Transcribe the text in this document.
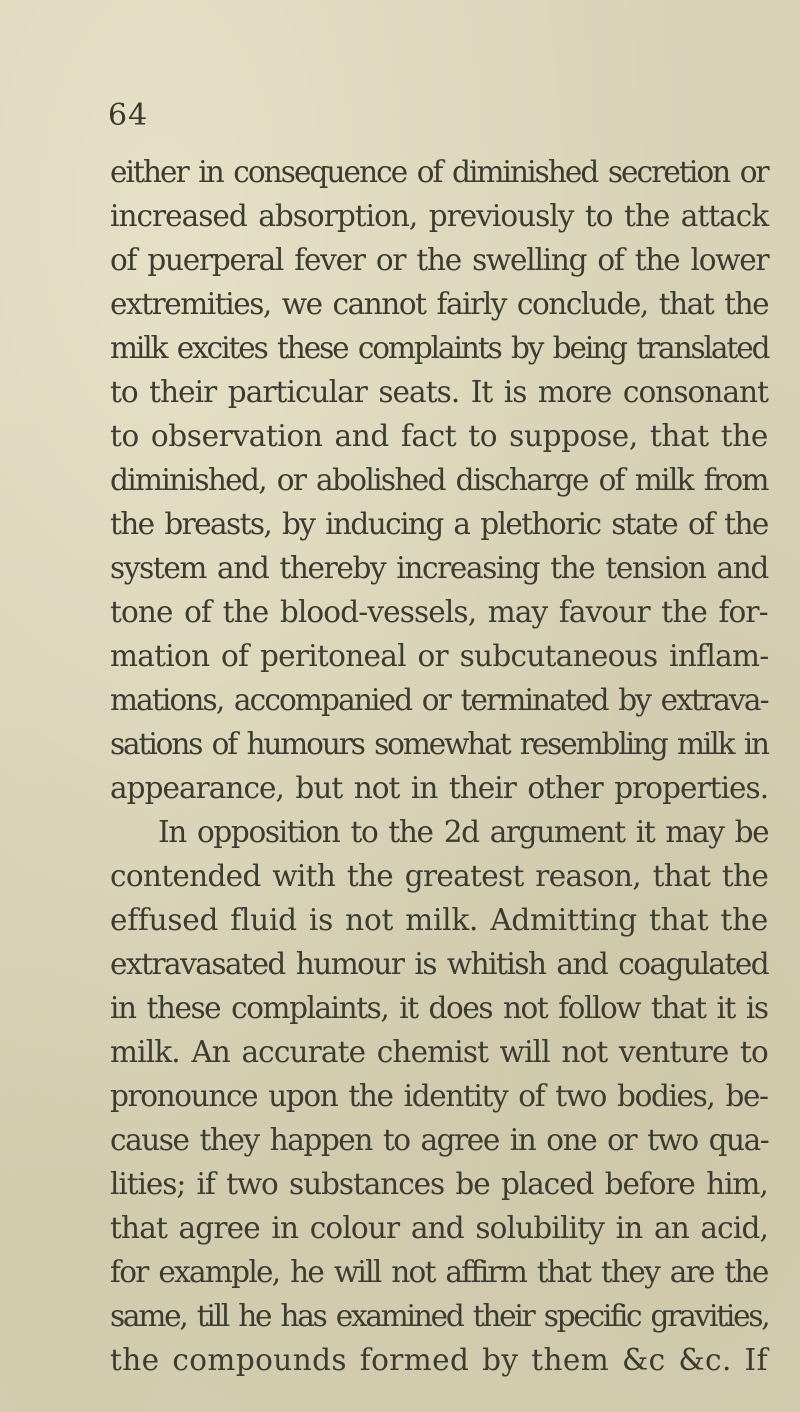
64
either in consequence of diminished secretion or
increased absorption, previously to the attack
of puerperal fever or the swelling of the lower
extremities, we cannot fairly conclude, that the
milk excites these complaints by being translated
to their particular seats. It is more consonant
to observation and fact to suppose, that the
diminished, or abolished discharge of milk from
the breasts, by inducing a plethoric state of the
system and thereby increasing the tension and
tone of the blood-vessels, may favour the for-
mation of peritoneal or subcutaneous inflam-
mations, accompanied or terminated by extrava-
sations of humours somewhat resembling milk in
appearance, but not in their other properties.
In opposition to the 2d argument it may be
contended with the greatest reason, that the
effused fluid is not milk. Admitting that the
extravasated humour is whitish and coagulated
in these complaints, it does not follow that it is
milk. An accurate chemist will not venture to
pronounce upon the identity of two bodies, be-
cause they happen to agree in one or two qua-
lities; if two substances be placed before him,
that agree in colour and solubility in an acid,
for example, he will not affirm that they are the
same, till he has examined their specific gravities,
the compounds formed by them &c &c. If
